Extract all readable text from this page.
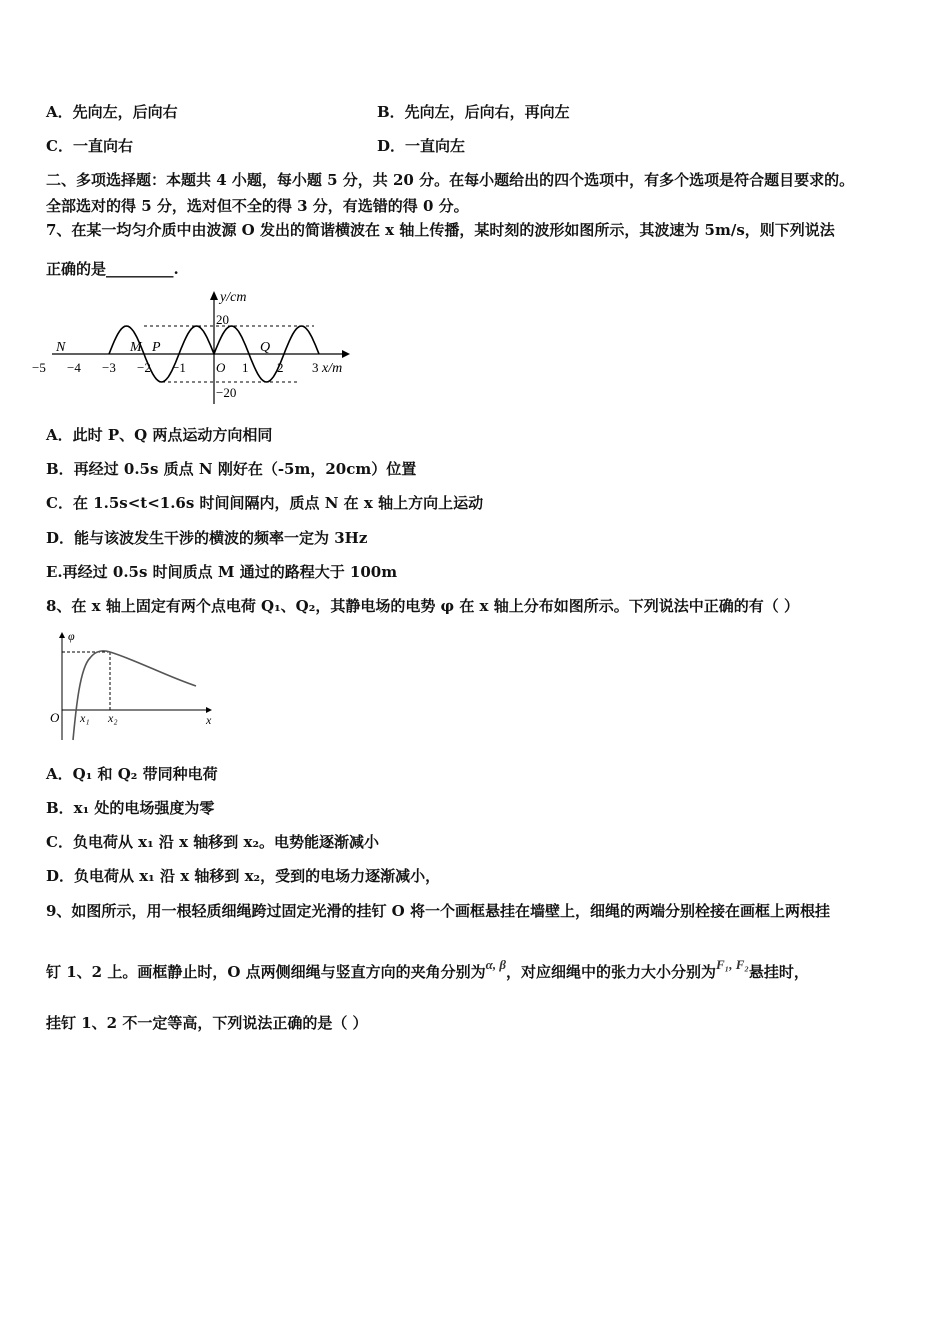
A．先向左，后向右	B．先向左，后向右，再向左
C．一直向右	D．一直向左
二、多项选择题：本题共 4 小题，每小题 5 分，共 20 分。在每小题给出的四个选项中，有多个选项是符合题目要求的。
全部选对的得 5 分，选对但不全的得 3 分，有选错的得 0 分。
7、在某一均匀介质中由波源 O 发出的简谐横波在 x 轴上传播，某时刻的波形如图所示，其波速为 5m/s，则下列说法
正确的是_________.
y/cm
20
−20
x/m
−5 −4 −3 −2 −1 O 1 2 3
N	M P	Q
A．此时 P、Q 两点运动方向相同
B．再经过 0.5s 质点 N 刚好在（-5m，20cm）位置
C．在 1.5s<t<1.6s 时间间隔内，质点 N 在 x 轴上方向上运动
D．能与该波发生干涉的横波的频率一定为 3Hz
E.再经过 0.5s 时间质点 M 通过的路程大于 100m
8、在 x 轴上固定有两个点电荷 Q₁、Q₂，其静电场的电势 φ 在 x 轴上分布如图所示。下列说法中正确的有（ ）
φ
x
O x₁ x₂
A．Q₁ 和 Q₂ 带同种电荷
B．x₁ 处的电场强度为零
C．负电荷从 x₁ 沿 x 轴移到 x₂。电势能逐渐减小
D．负电荷从 x₁ 沿 x 轴移到 x₂，受到的电场力逐渐减小，
9、如图所示，用一根轻质细绳跨过固定光滑的挂钉 O 将一个画框悬挂在墙壁上，细绳的两端分别栓接在画框上两根挂
钉 1、2 上。画框静止时，O 点两侧细绳与竖直方向的夹角分别为α, β，对应细绳中的张力大小分别为F₁, F₂悬挂时，
挂钉 1、2 不一定等高，下列说法正确的是（ ）
